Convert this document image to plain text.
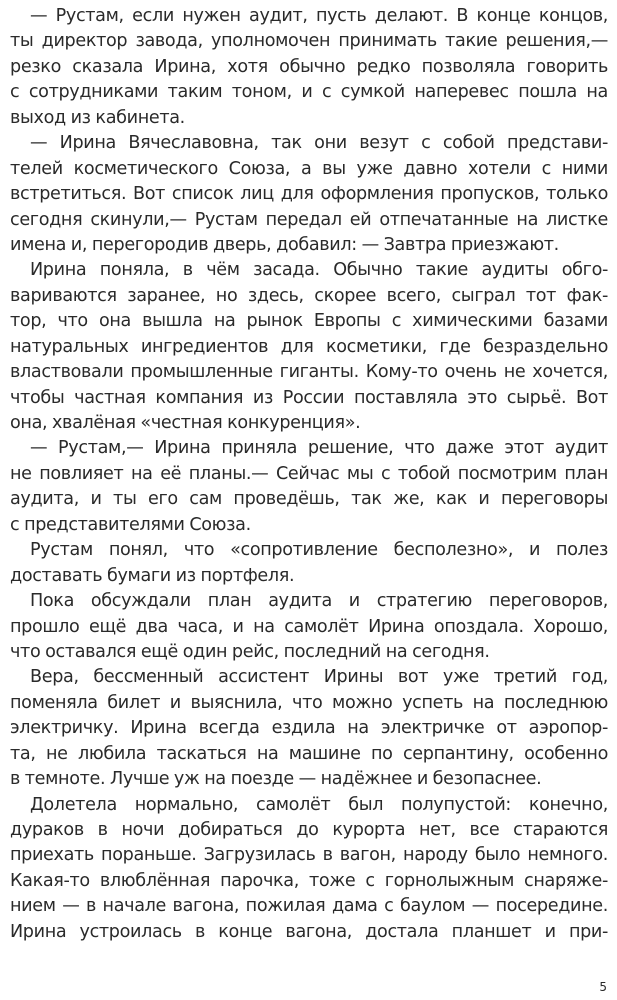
— Рустам, если нужен аудит, пусть делают. В конце концов,
ты директор завода, уполномочен принимать такие решения,—
резко сказала Ирина, хотя обычно редко позволяла говорить
с сотрудниками таким тоном, и с сумкой наперевес пошла на
выход из кабинета.
— Ирина Вячеславовна, так они везут с собой представи-
телей косметического Союза, а вы уже давно хотели с ними
встретиться. Вот список лиц для оформления пропусков, только
сегодня скинули,— Рустам передал ей отпечатанные на листке
имена и, перегородив дверь, добавил: — Завтра приезжают.
Ирина поняла, в чём засада. Обычно такие аудиты обго-
вариваются заранее, но здесь, скорее всего, сыграл тот фак-
тор, что она вышла на рынок Европы с химическими базами
натуральных ингредиентов для косметики, где безраздельно
властвовали промышленные гиганты. Кому-то очень не хочется,
чтобы частная компания из России поставляла это сырьё. Вот
она, хвалёная «честная конкуренция».
— Рустам,— Ирина приняла решение, что даже этот аудит
не повлияет на её планы.— Сейчас мы с тобой посмотрим план
аудита, и ты его сам проведёшь, так же, как и переговоры
с представителями Союза.
Рустам понял, что «сопротивление бесполезно», и полез
доставать бумаги из портфеля.
Пока обсуждали план аудита и стратегию переговоров,
прошло ещё два часа, и на самолёт Ирина опоздала. Хорошо,
что оставался ещё один рейс, последний на сегодня.
Вера, бессменный ассистент Ирины вот уже третий год,
поменяла билет и выяснила, что можно успеть на последнюю
электричку. Ирина всегда ездила на электричке от аэропор-
та, не любила таскаться на машине по серпантину, особенно
в темноте. Лучше уж на поезде — надёжнее и безопаснее.
Долетела нормально, самолёт был полупустой: конечно,
дураков в ночи добираться до курорта нет, все стараются
приехать пораньше. Загрузилась в вагон, народу было немного.
Какая-то влюблённая парочка, тоже с горнолыжным снаряже-
нием — в начале вагона, пожилая дама с баулом — посередине.
Ирина устроилась в конце вагона, достала планшет и при-
5
